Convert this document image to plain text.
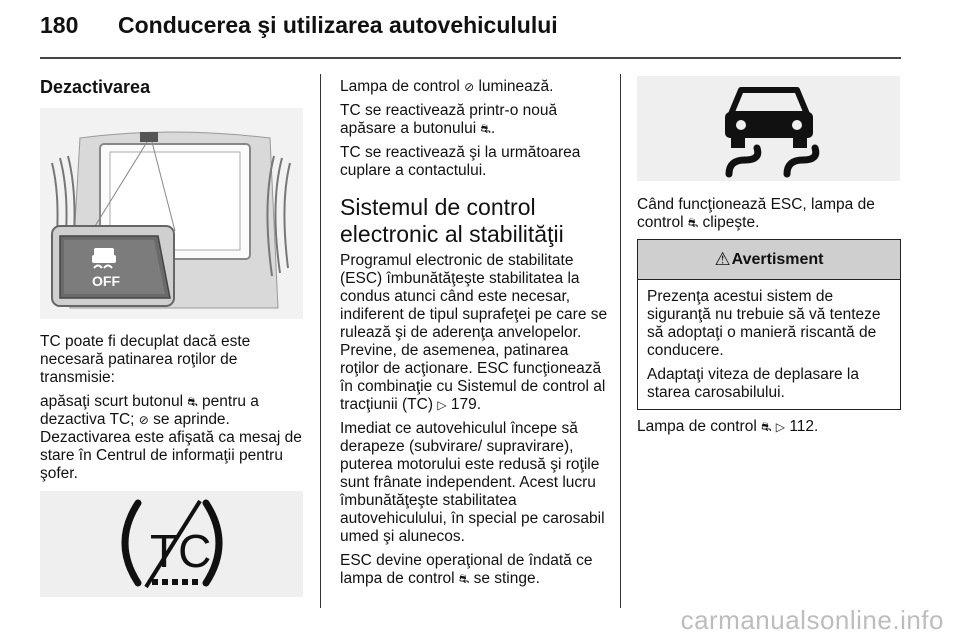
180 Conducerea şi utilizarea autovehiculului
Dezactivarea
OFF

TC poate fi decuplat dacă este necesară patinarea roţilor de transmisie:

apăsaţi scurt butonul ⛐ pentru a dezactiva TC; ⊘ se aprinde.

Dezactivarea este afişată ca mesaj de stare în Centrul de informaţii pentru şofer.

TC

Lampa de control ⊘ luminează.

TC se reactivează printr-o nouă apăsare a butonului ⛐.

TC se reactivează şi la următoarea cuplare a contactului.

Sistemul de control electronic al stabilităţii

Programul electronic de stabilitate (ESC) îmbunătăţeşte stabilitatea la condus atunci când este necesar, indiferent de tipul suprafeţei pe care se rulează şi de aderenţa anvelopelor. Previne, de asemenea, patinarea roţilor de acţionare. ESC funcţionează în combinaţie cu Sistemul de control al tracţiunii (TC) ▷ 179.

Imediat ce autovehiculul începe să derapeze (subvirare/ supravirare), puterea motorului este redusă şi roţile sunt frânate independent. Acest lucru îmbunătăţeşte stabilitatea autovehiculului, în special pe carosabil umed şi alunecos.

ESC devine operaţional de îndată ce lampa de control ⛐ se stinge.

Când funcţionează ESC, lampa de control ⛐ clipeşte.

⚠ Avertisment

Prezenţa acestui sistem de siguranţă nu trebuie să vă tenteze să adoptaţi o manieră riscantă de conducere.

Adaptaţi viteza de deplasare la starea carosabilului.

Lampa de control ⛐ ▷ 112.

carmanualsonline.info
